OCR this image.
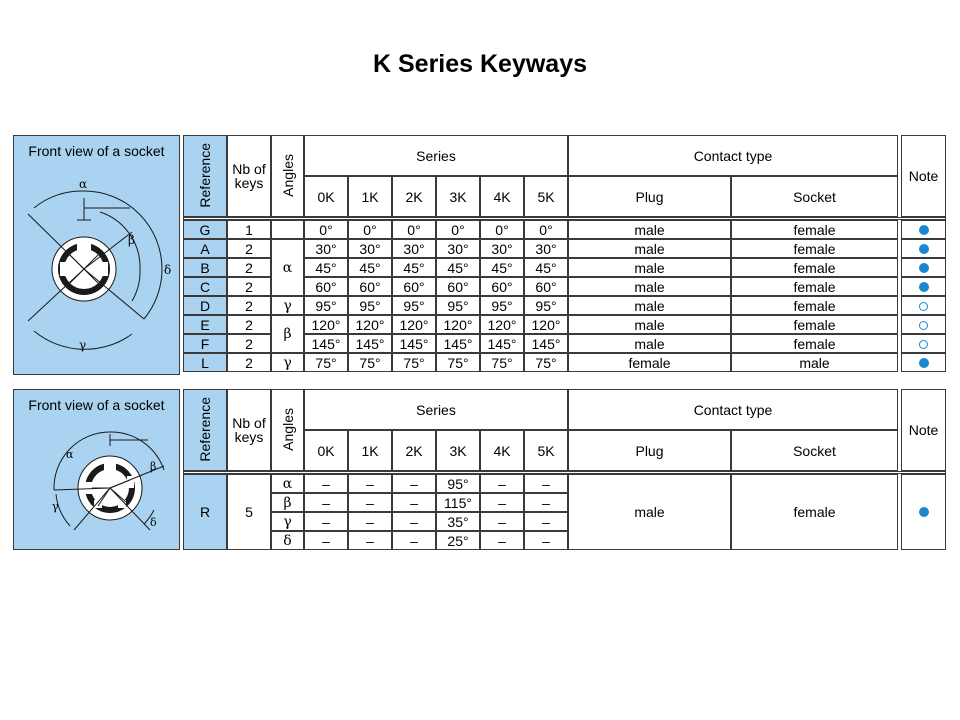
K Series Keyways
Front view of a socket
α
β
δ
γ
Reference	Nb of keys	Angles	Series						Contact type			Note
			0K	1K	2K	3K	4K	5K	Plug	Socket		

G	1		0°	0°	0°	0°	0°	0°	male	female		
A	2	α	30°	30°	30°	30°	30°	30°	male	female		
B	2		45°	45°	45°	45°	45°	45°	male	female		
C	2		60°	60°	60°	60°	60°	60°	male	female		
D	2	γ	95°	95°	95°	95°	95°	95°	male	female		
E	2	β	120°	120°	120°	120°	120°	120°	male	female		
F	2		145°	145°	145°	145°	145°	145°	male	female		
L	2	γ	75°	75°	75°	75°	75°	75°	female	male		
Front view of a socket
α
β
γ
δ
Reference	Nb of keys	Angles	Series						Contact type			Note
			0K	1K	2K	3K	4K	5K	Plug	Socket		

R	5	α	–	–	–	95°	–	–	male	female		
		β	–	–	–	115°	–	–				
		γ	–	–	–	35°	–	–				
		δ	–	–	–	25°	–	–				
